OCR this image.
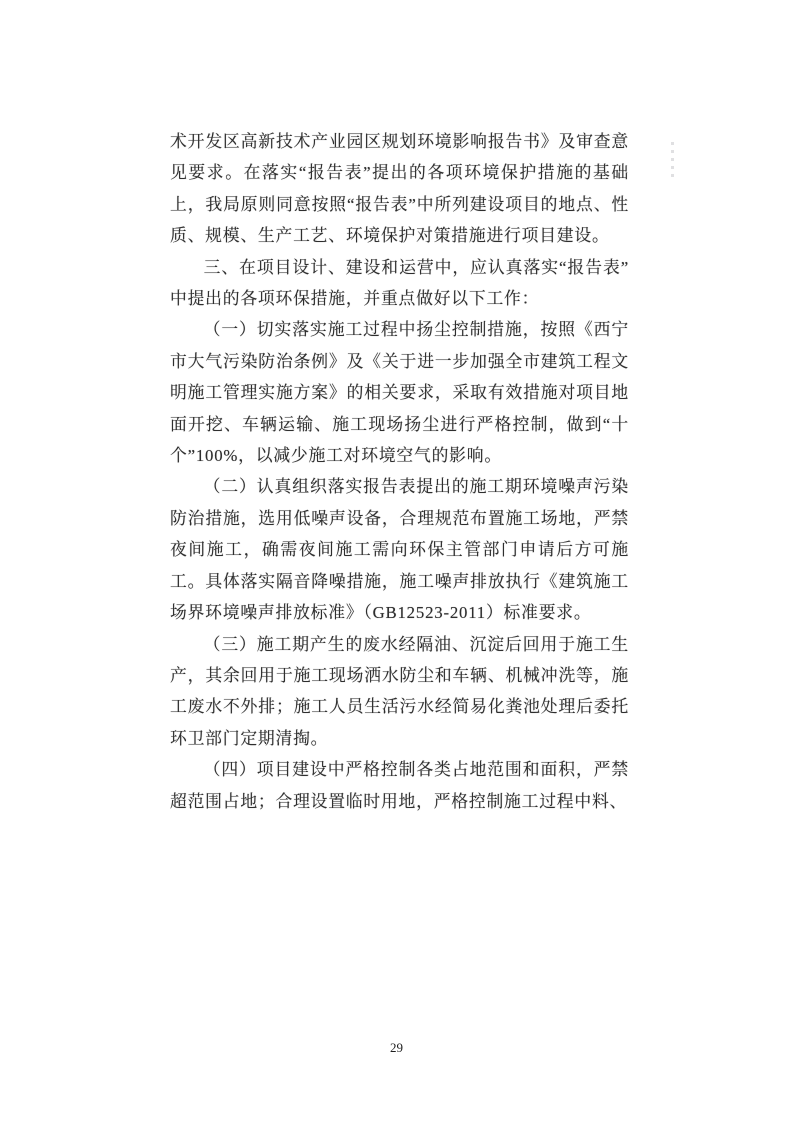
术开发区高新技术产业园区规划环境影响报告书》及审查意见要求。在落实“报告表”提出的各项环境保护措施的基础上，我局原则同意按照“报告表”中所列建设项目的地点、性质、规模、生产工艺、环境保护对策措施进行项目建设。

三、在项目设计、建设和运营中，应认真落实“报告表”中提出的各项环保措施，并重点做好以下工作：

（一）切实落实施工过程中扬尘控制措施，按照《西宁市大气污染防治条例》及《关于进一步加强全市建筑工程文明施工管理实施方案》的相关要求，采取有效措施对项目地面开挖、车辆运输、施工现场扬尘进行严格控制，做到“十个”100%，以减少施工对环境空气的影响。

（二）认真组织落实报告表提出的施工期环境噪声污染防治措施，选用低噪声设备，合理规范布置施工场地，严禁夜间施工，确需夜间施工需向环保主管部门申请后方可施工。具体落实隔音降噪措施，施工噪声排放执行《建筑施工场界环境噪声排放标准》（GB12523-2011）标准要求。

（三）施工期产生的废水经隔油、沉淀后回用于施工生产，其余回用于施工现场洒水防尘和车辆、机械冲洗等，施工废水不外排；施工人员生活污水经简易化粪池处理后委托环卫部门定期清掏。

（四）项目建设中严格控制各类占地范围和面积，严禁超范围占地；合理设置临时用地，严格控制施工过程中料、

29
